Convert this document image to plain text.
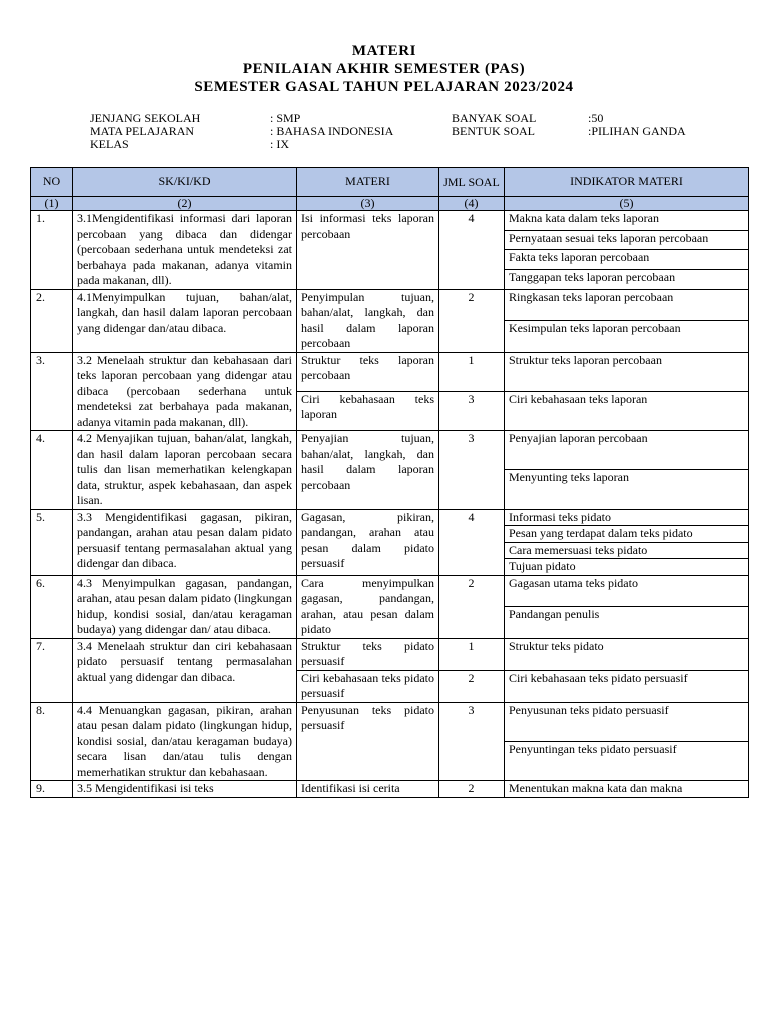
MATERI
PENILAIAN AKHIR SEMESTER (PAS)
SEMESTER GASAL TAHUN PELAJARAN 2023/2024
JENJANG SEKOLAH	: SMP	BANYAK SOAL	:50
MATA PELAJARAN	: BAHASA INDONESIA	BENTUK SOAL	:PILIHAN GANDA
KELAS	: IX
NO	SK/KI/KD	MATERI	JML SOAL	INDIKATOR MATERI
(1)	(2)	(3)	(4)	(5)
1.	3.1Mengidentifikasi informasi dari laporan percobaan yang dibaca dan didengar (percobaan sederhana untuk mendeteksi zat berbahaya pada makanan, adanya vitamin pada makanan, dll).	Isi informasi teks laporan percobaan	4	Makna kata dalam teks laporan
				Pernyataan sesuai teks laporan percobaan
				Fakta teks laporan percobaan
				Tanggapan teks laporan percobaan
2.	4.1Menyimpulkan tujuan, bahan/alat, langkah, dan hasil dalam laporan percobaan yang didengar dan/atau dibaca.	Penyimpulan tujuan, bahan/alat, langkah, dan hasil dalam laporan percobaan	2	Ringkasan teks laporan percobaan
				Kesimpulan teks laporan percobaan
3.	3.2 Menelaah struktur dan kebahasaan dari teks laporan percobaan yang didengar atau dibaca (percobaan sederhana untuk mendeteksi zat berbahaya pada makanan, adanya vitamin pada makanan, dll).	Struktur teks laporan percobaan	1	Struktur teks laporan percobaan
		Ciri kebahasaan teks laporan	3	Ciri kebahasaan teks laporan
4.	4.2 Menyajikan tujuan, bahan/alat, langkah, dan hasil dalam laporan percobaan secara tulis dan lisan memerhatikan kelengkapan data, struktur, aspek kebahasaan, dan aspek lisan.	Penyajian tujuan, bahan/alat, langkah, dan hasil dalam laporan percobaan	3	Penyajian laporan percobaan
				Menyunting teks laporan
5.	3.3 Mengidentifikasi gagasan, pikiran, pandangan, arahan atau pesan dalam pidato persuasif tentang permasalahan aktual yang didengar dan dibaca.	Gagasan, pikiran, pandangan, arahan atau pesan dalam pidato persuasif	4	Informasi teks pidato
				Pesan yang terdapat dalam teks pidato
				Cara memersuasi teks pidato
				Tujuan pidato
6.	4.3 Menyimpulkan gagasan, pandangan, arahan, atau pesan dalam pidato (lingkungan hidup, kondisi sosial, dan/atau keragaman budaya) yang didengar dan/ atau dibaca.	Cara menyimpulkan gagasan, pandangan, arahan, atau pesan dalam pidato	2	Gagasan utama teks pidato
				Pandangan penulis
7.	3.4 Menelaah struktur dan ciri kebahasaan pidato persuasif tentang permasalahan aktual yang didengar dan dibaca.	Struktur teks pidato persuasif	1	Struktur teks pidato
		Ciri kebahasaan teks pidato persuasif	2	Ciri kebahasaan teks pidato persuasif
8.	4.4 Menuangkan gagasan, pikiran, arahan atau pesan dalam pidato (lingkungan hidup, kondisi sosial, dan/atau keragaman budaya) secara lisan dan/atau tulis dengan memerhatikan struktur dan kebahasaan.	Penyusunan teks pidato persuasif	3	Penyusunan teks pidato persuasif
				Penyuntingan teks pidato persuasif
9.	3.5 Mengidentifikasi isi teks	Identifikasi isi cerita	2	Menentukan makna kata dan makna
